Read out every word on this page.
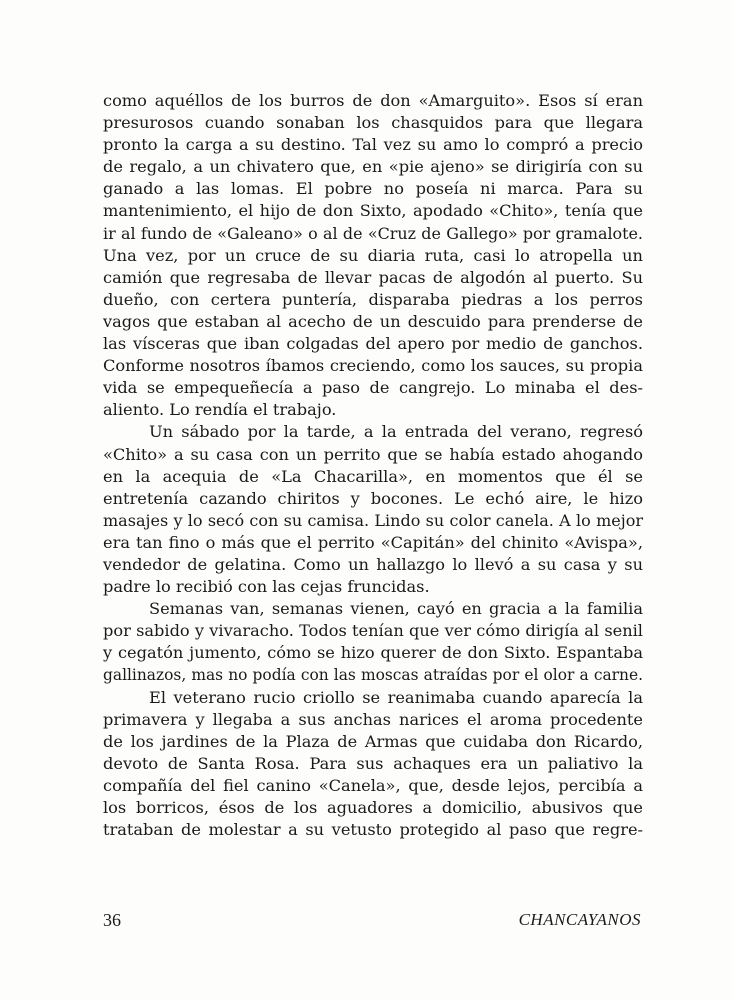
como aquéllos de los burros de don «Amarguito». Esos sí eran
presurosos cuando sonaban los chasquidos para que llegara
pronto la carga a su destino. Tal vez su amo lo compró a precio
de regalo, a un chivatero que, en «pie ajeno» se dirigiría con su
ganado a las lomas. El pobre no poseía ni marca. Para su
mantenimiento, el hijo de don Sixto, apodado «Chito», tenía que
ir al fundo de «Galeano» o al de «Cruz de Gallego» por gramalote.
Una vez, por un cruce de su diaria ruta, casi lo atropella un
camión que regresaba de llevar pacas de algodón al puerto. Su
dueño, con certera puntería, disparaba piedras a los perros
vagos que estaban al acecho de un descuido para prenderse de
las vísceras que iban colgadas del apero por medio de ganchos.
Conforme nosotros íbamos creciendo, como los sauces, su propia
vida se empequeñecía a paso de cangrejo. Lo minaba el des-
aliento. Lo rendía el trabajo.
Un sábado por la tarde, a la entrada del verano, regresó
«Chito» a su casa con un perrito que se había estado ahogando
en la acequia de «La Chacarilla», en momentos que él se
entretenía cazando chiritos y bocones. Le echó aire, le hizo
masajes y lo secó con su camisa. Lindo su color canela. A lo mejor
era tan fino o más que el perrito «Capitán» del chinito «Avispa»,
vendedor de gelatina. Como un hallazgo lo llevó a su casa y su
padre lo recibió con las cejas fruncidas.
Semanas van, semanas vienen, cayó en gracia a la familia
por sabido y vivaracho. Todos tenían que ver cómo dirigía al senil
y cegatón jumento, cómo se hizo querer de don Sixto. Espantaba
gallinazos, mas no podía con las moscas atraídas por el olor a carne.
El veterano rucio criollo se reanimaba cuando aparecía la
primavera y llegaba a sus anchas narices el aroma procedente
de los jardines de la Plaza de Armas que cuidaba don Ricardo,
devoto de Santa Rosa. Para sus achaques era un paliativo la
compañía del fiel canino «Canela», que, desde lejos, percibía a
los borricos, ésos de los aguadores a domicilio, abusivos que
trataban de molestar a su vetusto protegido al paso que regre-
36	CHANCAYANOS
